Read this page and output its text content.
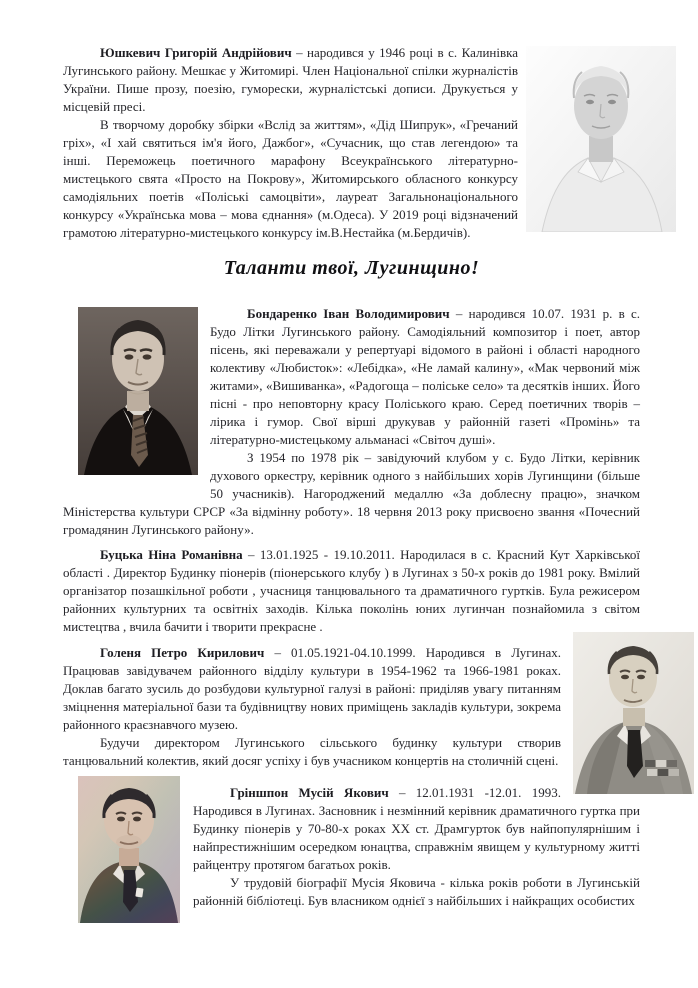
Юшкевич Григорій Андрійович – народився у 1946 році в с. Калинівка Лугинського району. Мешкає у Житомирі. Член Національної спілки журналістів України. Пише прозу, поезію, гуморески, журналістські дописи. Друкується у місцевій пресі.

В творчому доробку збірки «Вслід за життям», «Дід Шипрук», «Гречаний гріх», «І хай святиться ім'я його, Дажбог», «Сучасник, що став легендою» та інші. Переможець поетичного марафону Всеукраїнського літературно-мистецького свята «Просто на Покрову», Житомирського обласного конкурсу самодіяльних поетів «Поліські самоцвіти», лауреат Загальнонаціонального конкурсу «Українська мова – мова єднання» (м.Одеса). У 2019 році відзначений грамотою літературно-мистецького конкурсу ім.В.Нестайка (м.Бердичів).

Таланти твої, Лугинщино!

Бондаренко Іван Володимирович – народився 10.07. 1931 р. в с. Будо Літки Лугинського району. Самодіяльний композитор і поет, автор пісень, які переважали у репертуарі відомого в районі і області народного колективу «Любисток»: «Лебідка», «Не ламай калину», «Мак червоний між житами», «Вишиванка», «Радогоща – поліське село» та десятків інших. Його пісні - про неповторну красу Поліського краю. Серед поетичних творів – лірика і гумор. Свої вірші друкував у районній газеті «Промінь» та літературно-мистецькому альманасі «Світоч душі».

З 1954 по 1978 рік – завідуючий клубом у с. Будо Літки, керівник духового оркестру, керівник одного з найбільших хорів Лугинщини (більше 50 учасників). Нагороджений медаллю «За доблесну працю», значком Міністерства культури СРСР «За відмінну роботу». 18 червня 2013 року присвоєно звання «Почесний громадянин Лугинського району».

Буцька Ніна Романівна – 13.01.1925 - 19.10.2011. Народилася в с. Красний Кут Харківської області . Директор Будинку піонерів (піонерського клубу ) в Лугинах з 50-х років до 1981 року. Вмілий організатор позашкільної роботи , учасниця танцювального та драматичного гуртків. Була режисером районних культурних та освітніх заходів. Кілька поколінь юних лугинчан познайомила з світом мистецтва , вчила бачити і творити прекрасне .

Голеня Петро Кирилович – 01.05.1921-04.10.1999. Народився в Лугинах. Працював завідувачем районного відділу культури в 1954-1962 та 1966-1981 роках. Доклав багато зусиль до розбудови культурної галузі в районі: приділяв увагу питанням зміцнення матеріальної бази та будівництву нових приміщень закладів культури, зокрема районного краєзнавчого музею.

Будучи директором Лугинського сільського будинку культури створив танцювальний колектив, який досяг успіху і був учасником концертів на столичній сцені.

Гріншпон Мусій Якович – 12.01.1931 -12.01. 1993. Народився в Лугинах. Засновник і незмінний керівник драматичного гуртка при Будинку піонерів у 70-80-х роках ХХ ст. Драмгурток був найпопулярнішим і найпрестижнішим осередком юнацтва, справжнім явищем у культурному житті райцентру протягом багатьох років.

У трудовій біографії Мусія Яковича - кілька років роботи в Лугинській районній бібліотеці. Був власником однієї з найбільших і найкращих особистих
